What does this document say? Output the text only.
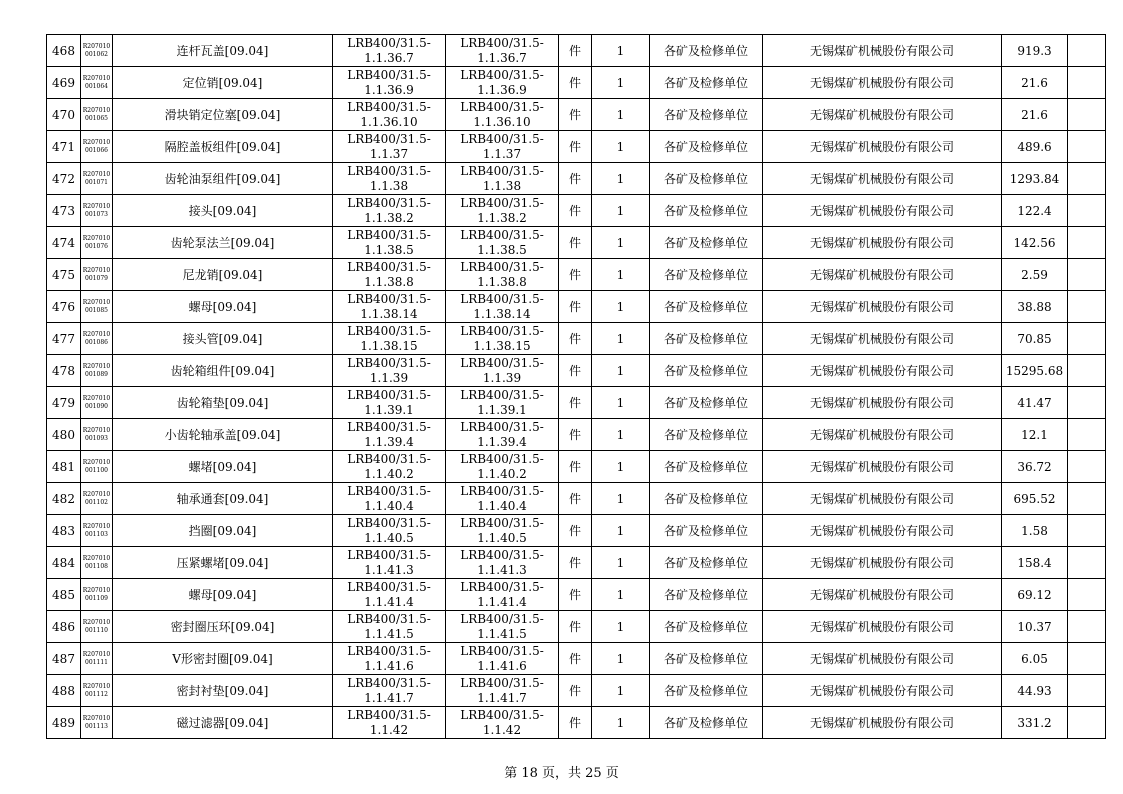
468	R207010 001062	连杆瓦盖[09.04]	LRB400/31.5-1.1.36.7	LRB400/31.5-1.1.36.7	件	1	各矿及检修单位	无锡煤矿机械股份有限公司	919.3	
469	R207010 001064	定位销[09.04]	LRB400/31.5-1.1.36.9	LRB400/31.5-1.1.36.9	件	1	各矿及检修单位	无锡煤矿机械股份有限公司	21.6	
470	R207010 001065	滑块销定位塞[09.04]	LRB400/31.5-1.1.36.10	LRB400/31.5-1.1.36.10	件	1	各矿及检修单位	无锡煤矿机械股份有限公司	21.6	
471	R207010 001066	隔腔盖板组件[09.04]	LRB400/31.5-1.1.37	LRB400/31.5-1.1.37	件	1	各矿及检修单位	无锡煤矿机械股份有限公司	489.6	
472	R207010 001071	齿轮油泵组件[09.04]	LRB400/31.5-1.1.38	LRB400/31.5-1.1.38	件	1	各矿及检修单位	无锡煤矿机械股份有限公司	1293.84	
473	R207010 001073	接头[09.04]	LRB400/31.5-1.1.38.2	LRB400/31.5-1.1.38.2	件	1	各矿及检修单位	无锡煤矿机械股份有限公司	122.4	
474	R207010 001076	齿轮泵法兰[09.04]	LRB400/31.5-1.1.38.5	LRB400/31.5-1.1.38.5	件	1	各矿及检修单位	无锡煤矿机械股份有限公司	142.56	
475	R207010 001079	尼龙销[09.04]	LRB400/31.5-1.1.38.8	LRB400/31.5-1.1.38.8	件	1	各矿及检修单位	无锡煤矿机械股份有限公司	2.59	
476	R207010 001085	螺母[09.04]	LRB400/31.5-1.1.38.14	LRB400/31.5-1.1.38.14	件	1	各矿及检修单位	无锡煤矿机械股份有限公司	38.88	
477	R207010 001086	接头管[09.04]	LRB400/31.5-1.1.38.15	LRB400/31.5-1.1.38.15	件	1	各矿及检修单位	无锡煤矿机械股份有限公司	70.85	
478	R207010 001089	齿轮箱组件[09.04]	LRB400/31.5-1.1.39	LRB400/31.5-1.1.39	件	1	各矿及检修单位	无锡煤矿机械股份有限公司	15295.68	
479	R207010 001090	齿轮箱垫[09.04]	LRB400/31.5-1.1.39.1	LRB400/31.5-1.1.39.1	件	1	各矿及检修单位	无锡煤矿机械股份有限公司	41.47	
480	R207010 001093	小齿轮轴承盖[09.04]	LRB400/31.5-1.1.39.4	LRB400/31.5-1.1.39.4	件	1	各矿及检修单位	无锡煤矿机械股份有限公司	12.1	
481	R207010 001100	螺堵[09.04]	LRB400/31.5-1.1.40.2	LRB400/31.5-1.1.40.2	件	1	各矿及检修单位	无锡煤矿机械股份有限公司	36.72	
482	R207010 001102	轴承通套[09.04]	LRB400/31.5-1.1.40.4	LRB400/31.5-1.1.40.4	件	1	各矿及检修单位	无锡煤矿机械股份有限公司	695.52	
483	R207010 001103	挡圈[09.04]	LRB400/31.5-1.1.40.5	LRB400/31.5-1.1.40.5	件	1	各矿及检修单位	无锡煤矿机械股份有限公司	1.58	
484	R207010 001108	压紧螺堵[09.04]	LRB400/31.5-1.1.41.3	LRB400/31.5-1.1.41.3	件	1	各矿及检修单位	无锡煤矿机械股份有限公司	158.4	
485	R207010 001109	螺母[09.04]	LRB400/31.5-1.1.41.4	LRB400/31.5-1.1.41.4	件	1	各矿及检修单位	无锡煤矿机械股份有限公司	69.12	
486	R207010 001110	密封圈压环[09.04]	LRB400/31.5-1.1.41.5	LRB400/31.5-1.1.41.5	件	1	各矿及检修单位	无锡煤矿机械股份有限公司	10.37	
487	R207010 001111	V形密封圈[09.04]	LRB400/31.5-1.1.41.6	LRB400/31.5-1.1.41.6	件	1	各矿及检修单位	无锡煤矿机械股份有限公司	6.05	
488	R207010 001112	密封衬垫[09.04]	LRB400/31.5-1.1.41.7	LRB400/31.5-1.1.41.7	件	1	各矿及检修单位	无锡煤矿机械股份有限公司	44.93	
489	R207010 001113	磁过滤器[09.04]	LRB400/31.5-1.1.42	LRB400/31.5-1.1.42	件	1	各矿及检修单位	无锡煤矿机械股份有限公司	331.2	
第 18 页，共 25 页
